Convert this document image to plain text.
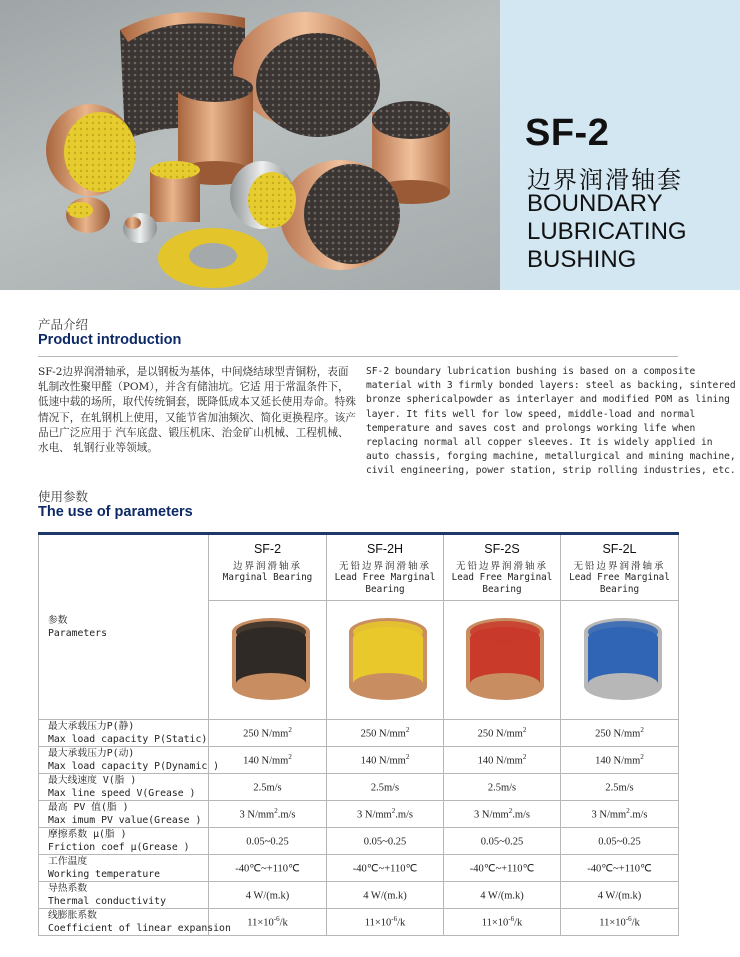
SF-2
边界润滑轴套
BOUNDARY
LUBRICATING
BUSHING
产品介绍
Product introduction
SF-2边界润滑轴承，是以钢板为基体，中间烧结球型青铜粉，表面轧制改性聚甲醛（POM），并含有储油坑。它适 用于常温条件下，低速中载的场所，取代传统铜套，既降低成本又延长使用寿命。特殊情况下，在轧钢机上使用，又能节省加油频次、简化更换程序。该产品已广泛应用于 汽车底盘、锻压机床、治金矿山机械、工程机械、水电、 轧钢行业等领域。
SF-2 boundary lubrication bushing is based on a composite material with 3 firmly bonded layers: steel as backing, sintered bronze sphericalpowder as interlayer and modified POM as lining layer. It fits well for low speed, middle-load and normal temperature and saves cost and prolongs working life when replacing normal all copper sleeves. It is widely applied in auto chassis, forging machine, metallurgical and mining machine, civil engineering, power station, strip rolling industries, etc.
使用参数
The use of parameters
参数
Parameters	SF-2
边界润滑轴承
Marginal Bearing	SF-2H
无铅边界润滑轴承
Lead Free Marginal Bearing	SF-2S
无铅边界润滑轴承
Lead Free Marginal Bearing	SF-2L
无铅边界润滑轴承
Lead Free Marginal Bearing

最大承载压力P(静)
Max load capacity P(Static)	250 $N/mm^2$	250 $N/mm^2$	250 $N/mm^2$	250 $N/mm^2$

最大承载压力P(动)
Max load capacity P(Dynamic )	140 $N/mm^2$	140 $N/mm^2$	140 $N/mm^2$	140 $N/mm^2$

最大线速度 V(脂 )
Max line speed V(Grease )	2.5m/s	2.5m/s	2.5m/s	2.5m/s

最高 PV 值(脂 )
Max imum PV value(Grease )	3 $N/mm^2.m/s$	3 $N/mm^2.m/s$	3 $N/mm^2.m/s$	3 $N/mm^2.m/s$

摩擦系数 μ(脂 )
Friction coef μ(Grease )	0.05~0.25	0.05~0.25	0.05~0.25	0.05~0.25

工作温度
Working temperature	-40℃~+110℃	-40℃~+110℃	-40℃~+110℃	-40℃~+110℃

导热系数
Thermal conductivity	4 W/(m.k)	4 W/(m.k)	4 W/(m.k)	4 W/(m.k)

线膨胀系数
Coefficient of linear expansion	$11\times 10^{-6}/k$	$11\times 10^{-6}/k$	$11\times 10^{-6}/k$	$11\times 10^{-6}/k$
